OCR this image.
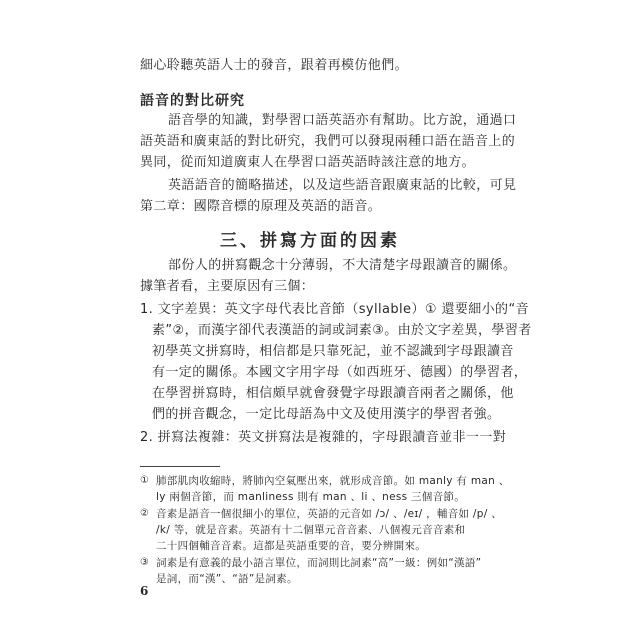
細心聆聽英語人士的發音，跟着再模仿他們。
語音的對比研究
語音學的知識，對學習口語英語亦有幫助。比方說，通過口
語英語和廣東話的對比研究，我們可以發現兩種口語在語音上的
異同，從而知道廣東人在學習口語英語時該注意的地方。
英語語音的簡略描述，以及這些語音跟廣東話的比較，可見
第二章：國際音標的原理及英語的語音。
三、拼寫方面的因素
部份人的拼寫觀念十分薄弱，不大清楚字母跟讀音的關係。
據筆者看，主要原因有三個：
1. 文字差異：英文字母代表比音節（syllable）① 還要細小的“音
素”②，而漢字卻代表漢語的詞或詞素③。由於文字差異，學習者
初學英文拼寫時，相信都是只靠死記，並不認識到字母跟讀音
有一定的關係。本國文字用字母（如西班牙、德國）的學習者，
在學習拼寫時，相信頗早就會發覺字母跟讀音兩者之關係，他
們的拼音觀念，一定比母語為中文及使用漢字的學習者強。
2. 拼寫法複雜：英文拼寫法是複雜的，字母跟讀音並非一一對
① 肺部肌肉收縮時，將肺內空氣壓出來，就形成音節。如 manly 有 man 、
ly 兩個音節，而 manliness 則有 man 、li 、ness 三個音節。
② 音素是語音一個很細小的單位，英語的元音如 /ɔ/ 、/eɪ/ ，輔音如 /p/ 、
/k/ 等，就是音素。英語有十二個單元音音素、八個複元音音素和
二十四個輔音音素。這都是英語重要的音，要分辨開來。
③ 詞素是有意義的最小語言單位，而詞則比詞素“高”一級：例如“漢語”
是詞，而“漢”、“語”是詞素。
6
